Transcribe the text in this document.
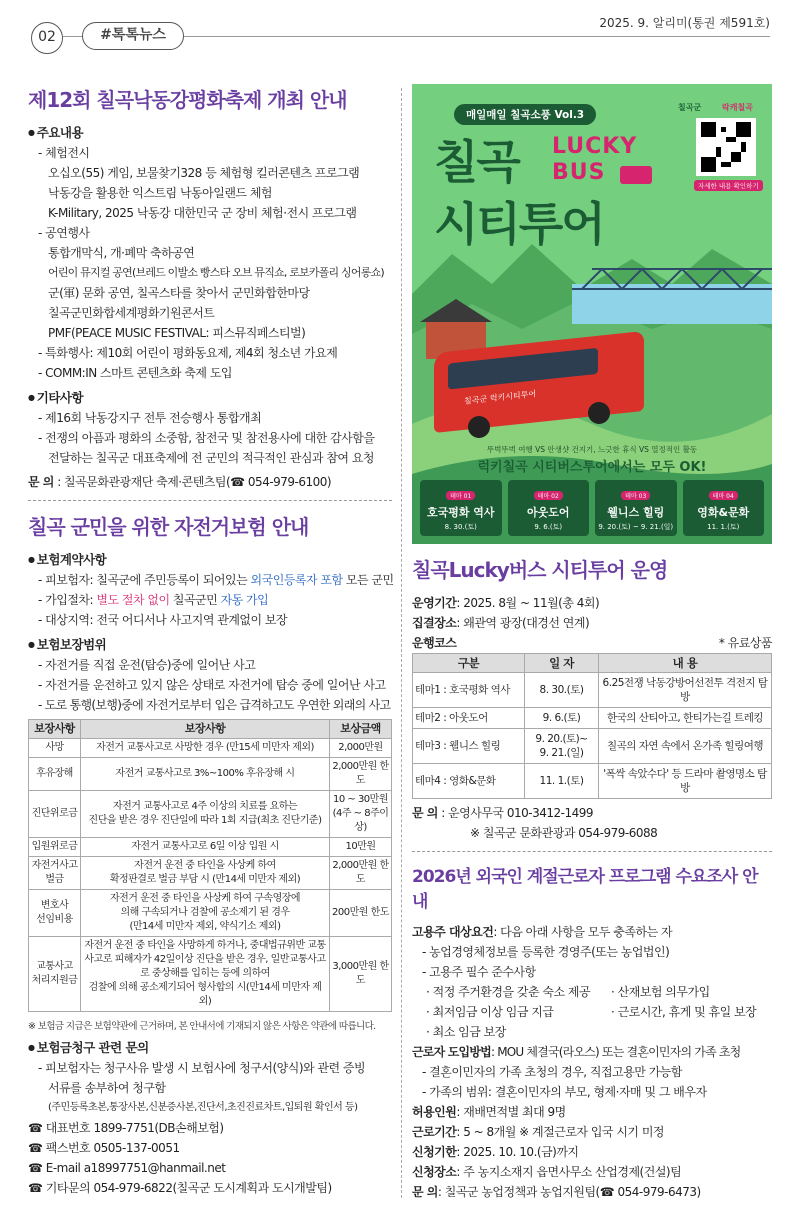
02	#톡톡뉴스
2025. 9. 알리미(통권 제591호)
제12회 칠곡낙동강평화축제 개최 안내
● 주요내용
- 체험전시
오십오(55) 게임, 보물찾기328 등 체험형 킬러콘텐츠 프로그램
낙동강을 활용한 익스트림 낙동아일랜드 체험
K-Military, 2025 낙동강 대한민국 군 장비 체험·전시 프로그램
- 공연행사
통합개막식, 개·폐막 축하공연
어린이 뮤지컬 공연(브레드 이발소 빵스타 오브 뮤직쇼, 로보카폴리 싱어롱쇼)
군(軍) 문화 공연, 칠곡스타를 찾아서 군민화합한마당
칠곡군민화합세계평화기원콘서트
PMF(PEACE MUSIC FESTIVAL: 피스뮤직페스티벌)
- 특화행사: 제10회 어린이 평화동요제, 제4회 청소년 가요제
- COMM:IN 스마트 콘텐츠화 축제 도입
● 기타사항
- 제16회 낙동강지구 전투 전승행사 통합개최
- 전쟁의 아픔과 평화의 소중함, 참전국 및 참전용사에 대한 감사함을
전달하는 칠곡군 대표축제에 전 군민의 적극적인 관심과 참여 요청
문 의 : 칠곡문화관광재단 축제·콘텐츠팀(☎ 054-979-6100)
칠곡 군민을 위한 자전거보험 안내
● 보험계약사항
- 피보험자: 칠곡군에 주민등록이 되어있는 외국인등록자 포함 모든 군민
- 가입절차: 별도 절차 없이 칠곡군민 자동 가입
- 대상지역: 전국 어디서나 사고지역 관계없이 보장
● 보험보장범위
- 자전거를 직접 운전(탑승)중에 일어난 사고
- 자전거를 운전하고 있지 않은 상태로 자전거에 탑승 중에 일어난 사고
- 도로 통행(보행)중에 자전거로부터 입은 급격하고도 우연한 외래의 사고
보장사항	보장사항	보상금액
사망	자전거 교통사고로 사망한 경우 (만15세 미만자 제외)	2,000만원
후유장해	자전거 교통사고로 3%~100% 후유장해 시	2,000만원 한도
진단위로금	자전거 교통사고로 4주 이상의 치료를 요하는
진단을 받은 경우 진단일에 따라 1회 지급(최초 진단기준)	10 ~ 30만원
(4주 ~ 8주이상)
입원위로금	자전거 교통사고로 6일 이상 입원 시	10만원
자전거사고
벌금	자전거 운전 중 타인을 사상케 하여
확정판결로 벌금 부담 시 (만14세 미만자 제외)	2,000만원 한도
변호사
선임비용	자전거 운전 중 타인을 사상케 하여 구속영장에
의해 구속되거나 검찰에 공소제기 된 경우
(만14세 미만자 제외, 약식기소 제외)	200만원 한도
교통사고
처리지원금	자전거 운전 중 타인을 사망하게 하거나, 중대법규위반 교통
사고로 피해자가 42일이상 진단을 받은 경우, 일반교통사고
로 중상해를 입히는 등에 의하여
검찰에 의해 공소제기되어 형사합의 시(만14세 미만자 제외)	3,000만원 한도
※ 보험금 지급은 보험약관에 근거하며, 본 안내서에 기재되지 않은 사항은 약관에 따릅니다.
● 보험금청구 관련 문의
- 피보험자는 청구사유 발생 시 보험사에 청구서(양식)와 관련 증빙
서류를 송부하여 청구함
(주민등록초본,통장사본,신분증사본,진단서,초진진료차트,입퇴원 확인서 등)
☎ 대표번호 1899-7751(DB손해보험)
☎ 팩스번호 0505-137-0051
☎ E-mail a18997751@hanmail.net
☎ 기타문의 054-979-6822(칠곡군 도시계획과 도시개발팀)
매일매일 칠곡소풍 Vol.3
칠곡군	락캐칠곡
자세한 내용 확인하기
칠곡 LUCKY
BUS
시티투어
칠곡군 럭키시티투어
뚜벅뚜벅 여행 VS 안생샷 건지기, 느긋한 휴식 VS 열정적인 활동
럭키칠곡 시티버스투어에서는 모두 OK!
테마 01
호국평화 역사
8. 30.(토)
테마 02
아웃도어
9. 6.(토)
테마 03
웰니스 힐링
9. 20.(토) ~ 9. 21.(일)
테마 04
영화&문화
11. 1.(토)
칠곡Lucky버스 시티투어 운영
운영기간: 2025. 8월 ~ 11월(총 4회)
집결장소: 왜관역 광장(대경선 연계)
운행코스	* 유료상품
구분	일 자	내 용
테마1 : 호국평화 역사	8. 30.(토)	6.25전쟁 낙동강방어선전투 격전지 탐방
테마2 : 아웃도어	9. 6.(토)	한국의 산티아고, 한티가는길 트레킹
테마3 : 웰니스 힐링	9. 20.(토)~
9. 21.(일)	칠곡의 자연 속에서 온가족 힐링여행
테마4 : 영화&문화	11. 1.(토)	'폭싹 속았수다' 등 드라마 촬영명소 탐방
문 의 : 운영사무국 010-3412-1499
※ 칠곡군 문화관광과 054-979-6088
2026년 외국인 계절근로자 프로그램 수요조사 안내
고용주 대상요건: 다음 아래 사항을 모두 충족하는 자
- 농업경영체정보를 등록한 경영주(또는 농업법인)
- 고용주 필수 준수사항
· 적정 주거환경을 갖춘 숙소 제공	· 산재보험 의무가입
· 최저임금 이상 임금 지급	· 근로시간, 휴게 및 휴일 보장
· 최소 임금 보장
근로자 도입방법: MOU 체결국(라오스) 또는 결혼이민자의 가족 초청
- 결혼이민자의 가족 초청의 경우, 직접고용만 가능함
- 가족의 범위: 결혼이민자의 부모, 형제·자매 및 그 배우자
허용인원: 재배면적별 최대 9명
근로기간: 5 ~ 8개월 ※ 계절근로자 입국 시기 미정
신청기한: 2025. 10. 10.(금)까지
신청장소: 주 농지소재지 읍면사무소 산업경제(건설)팀
문 의: 칠곡군 농업정책과 농업지원팀(☎ 054-979-6473)
